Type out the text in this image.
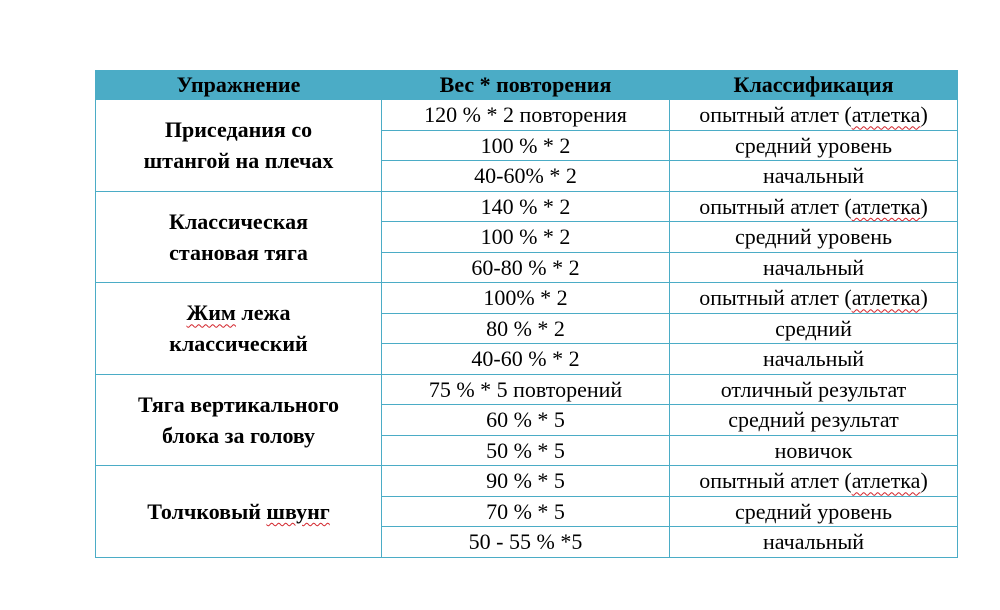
Упражнение	Вес * повторения	Классификация
Приседания со штангой на плечах	120 % * 2 повторения	опытный атлет (атлетка)
	100 % * 2	средний уровень
	40-60% * 2	начальный
Классическая становая тяга	140 % * 2	опытный атлет (атлетка)
	100 % * 2	средний уровень
	60-80 % * 2	начальный
Жим лежа классический	100% * 2	опытный атлет (атлетка)
	80 % * 2	средний
	40-60 % * 2	начальный
Тяга вертикального блока за голову	75 % * 5 повторений	отличный результат
	60 % * 5	средний результат
	50 % * 5	новичок
Толчковый швунг	90 % * 5	опытный атлет (атлетка)
	70 % * 5	средний уровень
	50 - 55 % *5	начальный
